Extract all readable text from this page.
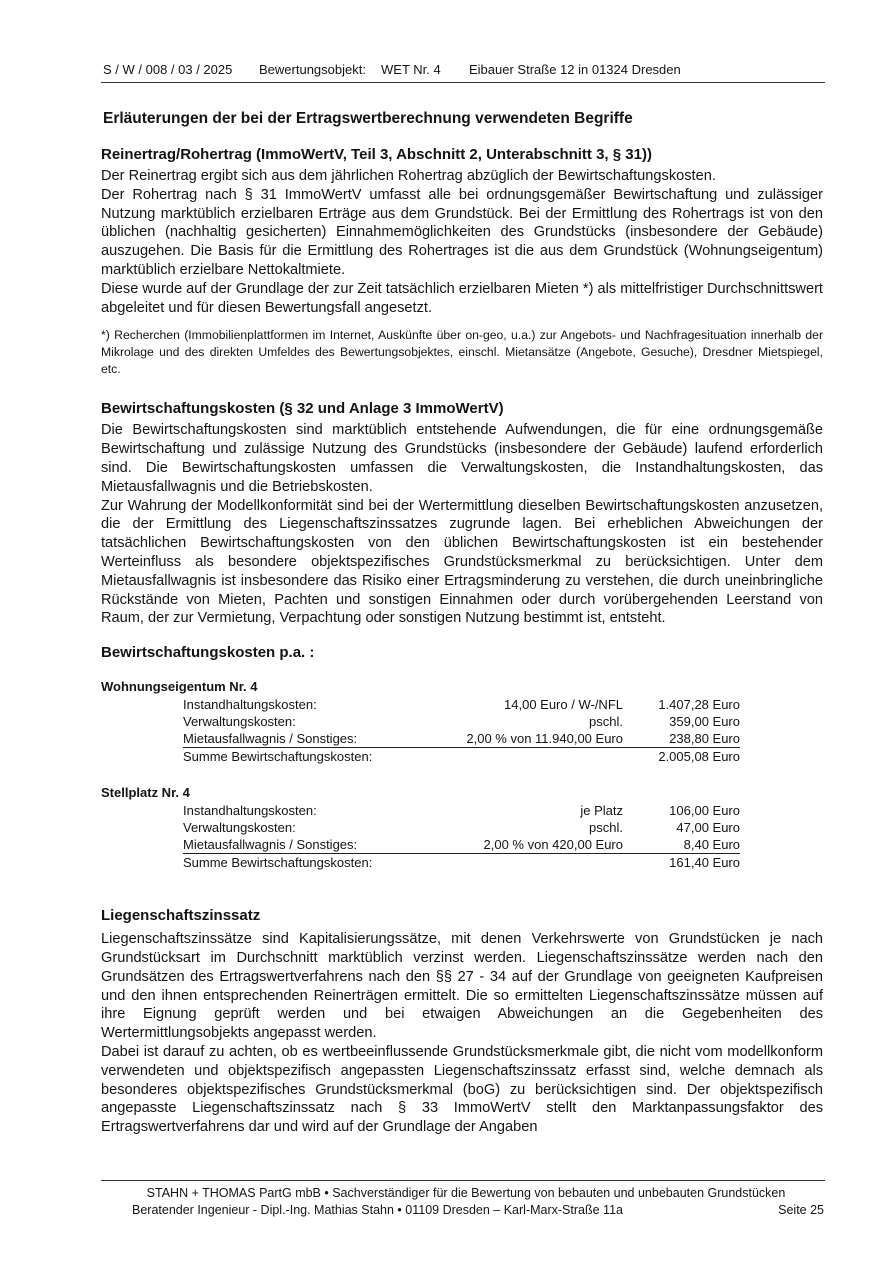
S / W / 008 / 03 / 2025 Bewertungsobjekt: WET Nr. 4 Eibauer Straße 12 in 01324 Dresden
Erläuterungen der bei der Ertragswertberechnung verwendeten Begriffe
Reinertrag/Rohertrag (ImmoWertV, Teil 3, Abschnitt 2, Unterabschnitt 3, § 31))

Der Reinertrag ergibt sich aus dem jährlichen Rohertrag abzüglich der Bewirtschaftungskosten.

Der Rohertrag nach § 31 ImmoWertV umfasst alle bei ordnungsgemäßer Bewirtschaftung und zulässiger Nutzung marktüblich erzielbaren Erträge aus dem Grundstück. Bei der Ermittlung des Rohertrags ist von den üblichen (nachhaltig gesicherten) Einnahmemöglichkeiten des Grundstücks (insbesondere der Gebäude) auszugehen. Die Basis für die Ermittlung des Rohertrages ist die aus dem Grundstück (Wohnungseigentum) marktüblich erzielbare Nettokaltmiete.

Diese wurde auf der Grundlage der zur Zeit tatsächlich erzielbaren Mieten *) als mittelfristiger Durchschnittswert abgeleitet und für diesen Bewertungsfall angesetzt.

*) Recherchen (Immobilienplattformen im Internet, Auskünfte über on-geo, u.a.) zur Angebots- und Nachfragesituation innerhalb der Mikrolage und des direkten Umfeldes des Bewertungsobjektes, einschl. Mietansätze (Angebote, Gesuche), Dresdner Mietspiegel, etc.

Bewirtschaftungskosten (§ 32 und Anlage 3 ImmoWertV)

Die Bewirtschaftungskosten sind marktüblich entstehende Aufwendungen, die für eine ordnungsgemäße Bewirtschaftung und zulässige Nutzung des Grundstücks (insbesondere der Gebäude) laufend erforderlich sind. Die Bewirtschaftungskosten umfassen die Verwaltungskosten, die Instandhaltungskosten, das Mietausfallwagnis und die Betriebskosten.

Zur Wahrung der Modellkonformität sind bei der Wertermittlung dieselben Bewirtschaftungskosten anzusetzen, die der Ermittlung des Liegenschaftszinssatzes zugrunde lagen. Bei erheblichen Abweichungen der tatsächlichen Bewirtschaftungskosten von den üblichen Bewirtschaftungskosten ist ein bestehender Werteinfluss als besondere objektspezifisches Grundstücksmerkmal zu berücksichtigen. Unter dem Mietausfallwagnis ist insbesondere das Risiko einer Ertragsminderung zu verstehen, die durch uneinbringliche Rückstände von Mieten, Pachten und sonstigen Einnahmen oder durch vorübergehenden Leerstand von Raum, der zur Vermietung, Verpachtung oder sonstigen Nutzung bestimmt ist, entsteht.

Bewirtschaftungskosten p.a. :
Wohnungseigentum Nr. 4
Instandhaltungskosten:	14,00 Euro / W-/NFL	1.407,28 Euro
Verwaltungskosten:	pschl.	359,00 Euro
Mietausfallwagnis / Sonstiges:	2,00 % von 11.940,00 Euro	238,80 Euro
Summe Bewirtschaftungskosten:		2.005,08 Euro
Stellplatz Nr. 4
Instandhaltungskosten:	je Platz	106,00 Euro
Verwaltungskosten:	pschl.	47,00 Euro
Mietausfallwagnis / Sonstiges:	2,00 % von 420,00 Euro	8,40 Euro
Summe Bewirtschaftungskosten:		161,40 Euro
Liegenschaftszinssatz

Liegenschaftszinssätze sind Kapitalisierungssätze, mit denen Verkehrswerte von Grundstücken je nach Grundstücksart im Durchschnitt marktüblich verzinst werden. Liegenschaftszinssätze werden nach den Grundsätzen des Ertragswertverfahrens nach den §§ 27 - 34 auf der Grundlage von geeigneten Kaufpreisen und den ihnen entsprechenden Reinerträgen ermittelt. Die so ermittelten Liegenschaftszinssätze müssen auf ihre Eignung geprüft werden und bei etwaigen Abweichungen an die Gegebenheiten des Wertermittlungsobjekts angepasst werden.

Dabei ist darauf zu achten, ob es wertbeeinflussende Grundstücksmerkmale gibt, die nicht vom modellkonform verwendeten und objektspezifisch angepassten Liegenschaftszinssatz erfasst sind, welche demnach als besonderes objektspezifisches Grundstücksmerkmal (boG) zu berücksichtigen sind. Der objektspezifisch angepasste Liegenschaftszinssatz nach § 33 ImmoWertV stellt den Marktanpassungsfaktor des Ertragswertverfahrens dar und wird auf der Grundlage der Angaben

STAHN + THOMAS PartG mbB • Sachverständiger für die Bewertung von bebauten und unbebauten Grundstücken
Beratender Ingenieur - Dipl.-Ing. Mathias Stahn • 01109 Dresden – Karl-Marx-Straße 11a	Seite 25
